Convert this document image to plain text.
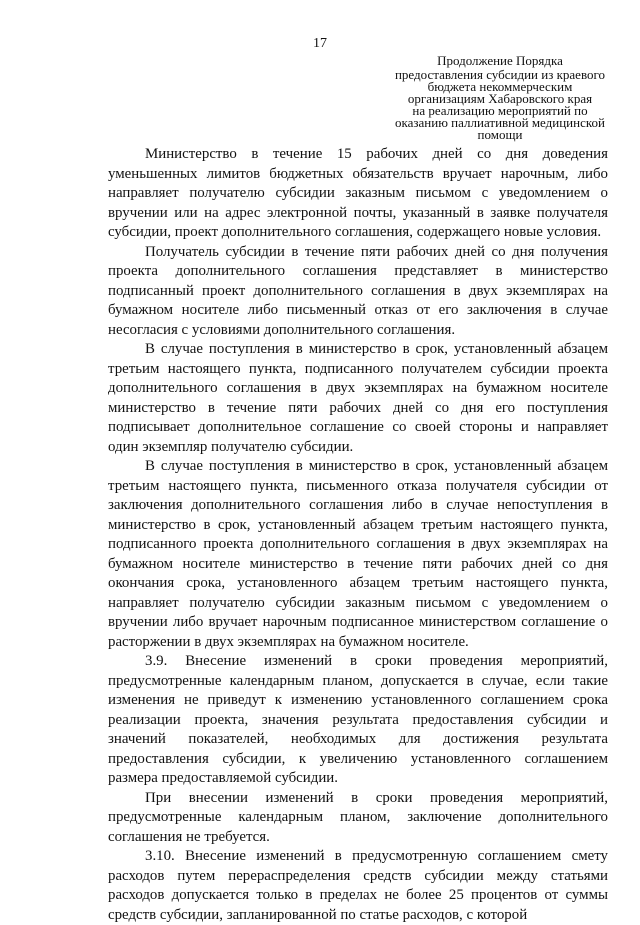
17
Продолжение Порядка
предоставления субсидии из краевого
бюджета некоммерческим
организациям Хабаровского края
на реализацию мероприятий по
оказанию паллиативной медицинской
помощи

Министерство в течение 15 рабочих дней со дня доведения уменьшенных лимитов бюджетных обязательств вручает нарочным, либо направляет получателю субсидии заказным письмом с уведомлением о вручении или на адрес электронной почты, указанный в заявке получателя субсидии, проект дополнительного соглашения, содержащего новые условия.

Получатель субсидии в течение пяти рабочих дней со дня получения проекта дополнительного соглашения представляет в министерство подписанный проект дополнительного соглашения в двух экземплярах на бумажном носителе либо письменный отказ от его заключения в случае несогласия с условиями дополнительного соглашения.

В случае поступления в министерство в срок, установленный абзацем третьим настоящего пункта, подписанного получателем субсидии проекта дополнительного соглашения в двух экземплярах на бумажном носителе министерство в течение пяти рабочих дней со дня его поступления подписывает дополнительное соглашение со своей стороны и направляет один экземпляр получателю субсидии.

В случае поступления в министерство в срок, установленный абзацем третьим настоящего пункта, письменного отказа получателя субсидии от заключения дополнительного соглашения либо в случае непоступления в министерство в срок, установленный абзацем третьим настоящего пункта, подписанного проекта дополнительного соглашения в двух экземплярах на бумажном носителе министерство в течение пяти рабочих дней со дня окончания срока, установленного абзацем третьим настоящего пункта, направляет получателю субсидии заказным письмом с уведомлением о вручении либо вручает нарочным подписанное министерством соглашение о расторжении в двух экземплярах на бумажном носителе.

3.9. Внесение изменений в сроки проведения мероприятий, предусмотренные календарным планом, допускается в случае, если такие изменения не приведут к изменению установленного соглашением срока реализации проекта, значения результата предоставления субсидии и значений показателей, необходимых для достижения результата предоставления субсидии, к увеличению установленного соглашением размера предоставляемой субсидии.

При внесении изменений в сроки проведения мероприятий, предусмотренные календарным планом, заключение дополнительного соглашения не требуется.

3.10. Внесение изменений в предусмотренную соглашением смету расходов путем перераспределения средств субсидии между статьями расходов допускается только в пределах не более 25 процентов от суммы средств субсидии, запланированной по статье расходов, с которой
